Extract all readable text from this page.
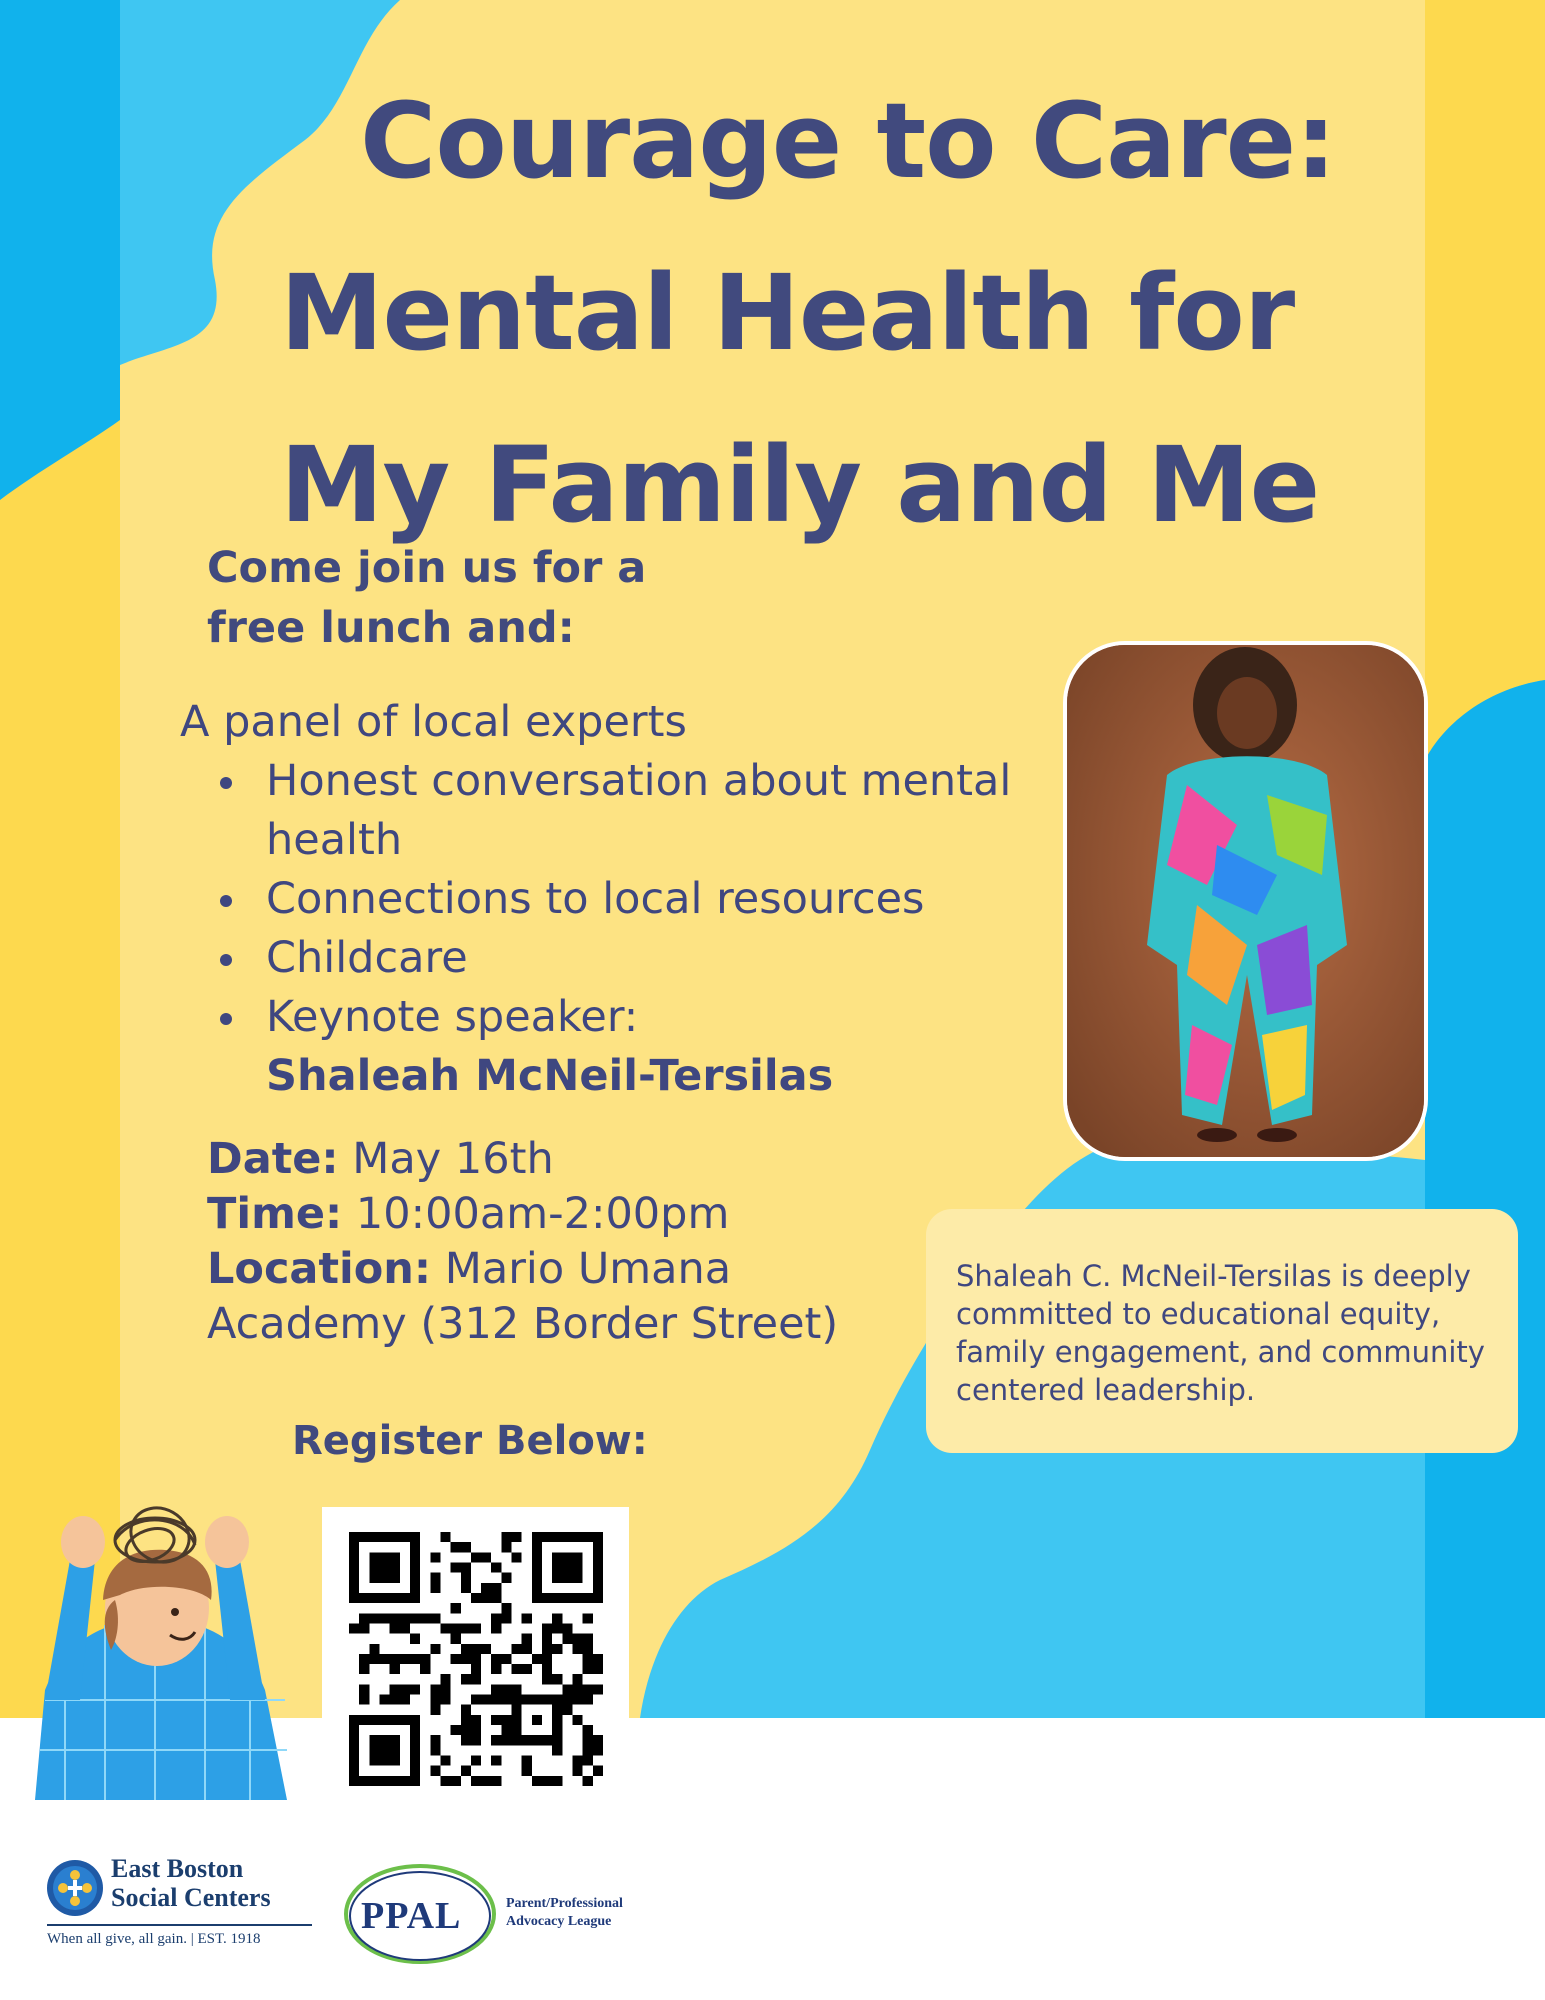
Courage to Care:
Mental Health for
My Family and Me
Come join us for a
free lunch and:
A panel of local experts
Honest conversation about mental health
Connections to local resources
Childcare
Keynote speaker:
Shaleah McNeil-Tersilas
Date: May 16th
Time: 10:00am-2:00pm
Location: Mario Umana Academy (312 Border Street)
Register Below:
Shaleah C. McNeil-Tersilas is deeply committed to educational equity, family engagement, and community centered leadership.
East Boston
Social Centers
When all give, all gain. | EST. 1918
PPAL	Parent/Professional
Advocacy League
